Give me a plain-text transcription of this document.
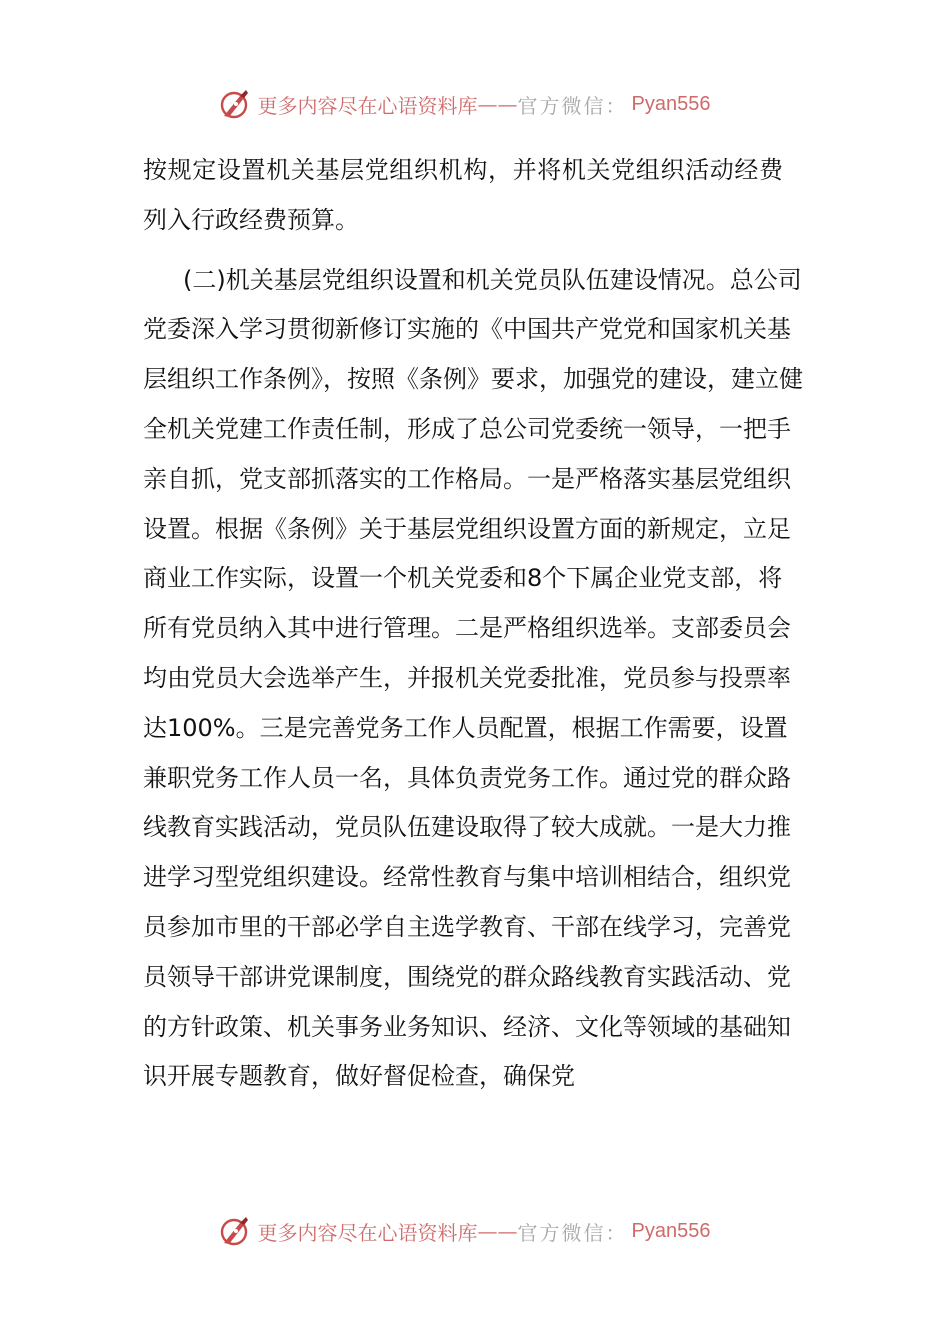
更多内容尽在心语资料库 —— 官方微信： Pyan556

按规定设置机关基层党组织机构，并将机关党组织活动经费列入行政经费预算。

(二)机关基层党组织设置和机关党员队伍建设情况。总公司党委深入学习贯彻新修订实施的《中国共产党党和国家机关基层组织工作条例》，按照《条例》要求，加强党的建设，建立健全机关党建工作责任制，形成了总公司党委统一领导，一把手亲自抓，党支部抓落实的工作格局。一是严格落实基层党组织设置。根据《条例》关于基层党组织设置方面的新规定，立足商业工作实际，设置一个机关党委和8个下属企业党支部，将所有党员纳入其中进行管理。二是严格组织选举。支部委员会均由党员大会选举产生，并报机关党委批准，党员参与投票率达100%。三是完善党务工作人员配置，根据工作需要，设置兼职党务工作人员一名，具体负责党务工作。通过党的群众路线教育实践活动，党员队伍建设取得了较大成就。一是大力推进学习型党组织建设。经常性教育与集中培训相结合，组织党员参加市里的干部必学自主选学教育、干部在线学习，完善党员领导干部讲党课制度，围绕党的群众路线教育实践活动、党的方针政策、机关事务业务知识、经济、文化等领域的基础知识开展专题教育，做好督促检查，确保党

更多内容尽在心语资料库 —— 官方微信： Pyan556
